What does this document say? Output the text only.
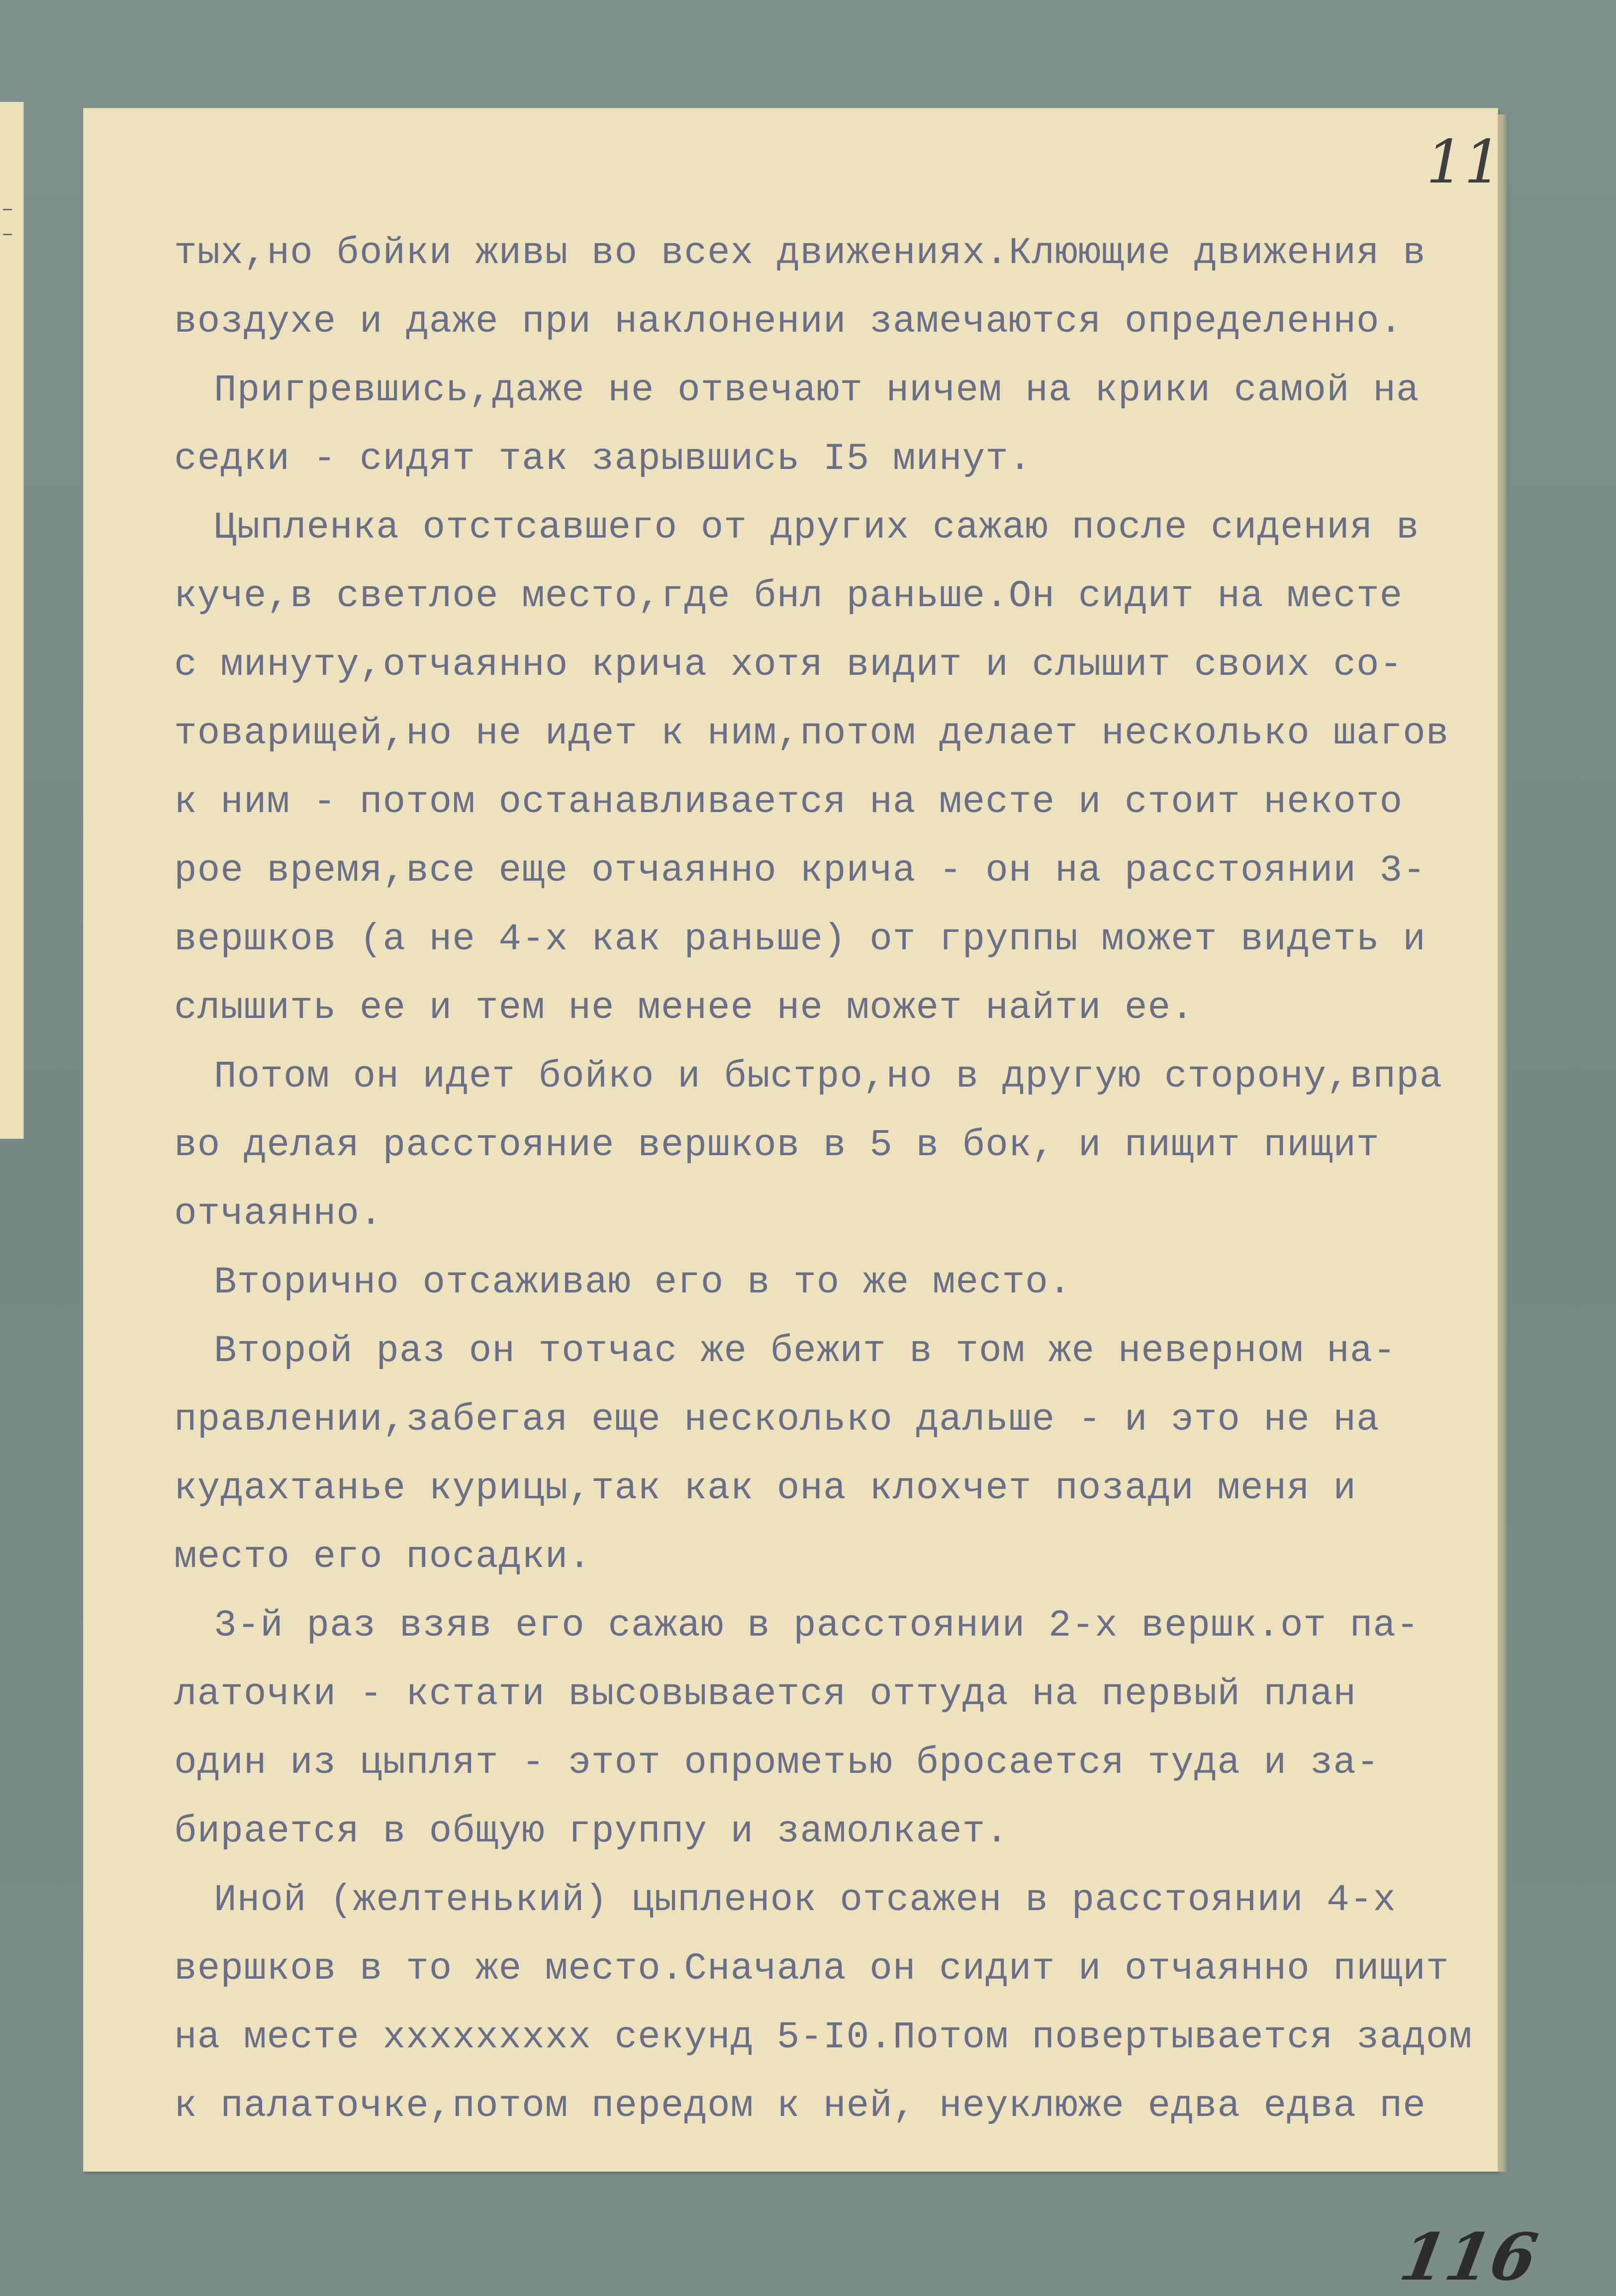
11
116
тых,но бойки живы во всех движениях.Клюющие движения в
воздухе и даже при наклонении замечаются определенно.
Пригревшись,даже не отвечают ничем на крики самой на
седки - сидят так зарывшись I5 минут.
Цыпленка отстсавшего от других сажаю после сидения в
куче,в светлое место,где бнл раньше.Он сидит на месте
с минуту,отчаянно крича хотя видит и слышит своих со-
товарищей,но не идет к ним,потом делает несколько шагов
к ним - потом останавливается на месте и стоит некото
рое время,все еще отчаянно крича - он на расстоянии 3-
вершков (а не 4-х как раньше) от группы может видеть и
слышить ее и тем не менее не может найти ее.
Потом он идет бойко и быстро,но в другую сторону,впра
во делая расстояние вершков в 5 в бок, и пищит пищит
отчаянно.
Вторично отсаживаю его в то же место.
Второй раз он тотчас же бежит в том же неверном на-
правлении,забегая еще несколько дальше - и это не на
кудахтанье курицы,так как она клохчет позади меня и
место его посадки.
3-й раз взяв его сажаю в расстоянии 2-х вершк.от па-
латочки - кстати высовывается оттуда на первый план
один из цыплят - этот опрометью бросается туда и за-
бирается в общую группу и замолкает.
Иной (желтенький) цыпленок отсажен в расстоянии 4-х
вершков в то же место.Сначала он сидит и отчаянно пищит
на месте ххххххххх секунд 5-I0.Потом повертывается задом
к палаточке,потом передом к ней, неуклюже едва едва пе
